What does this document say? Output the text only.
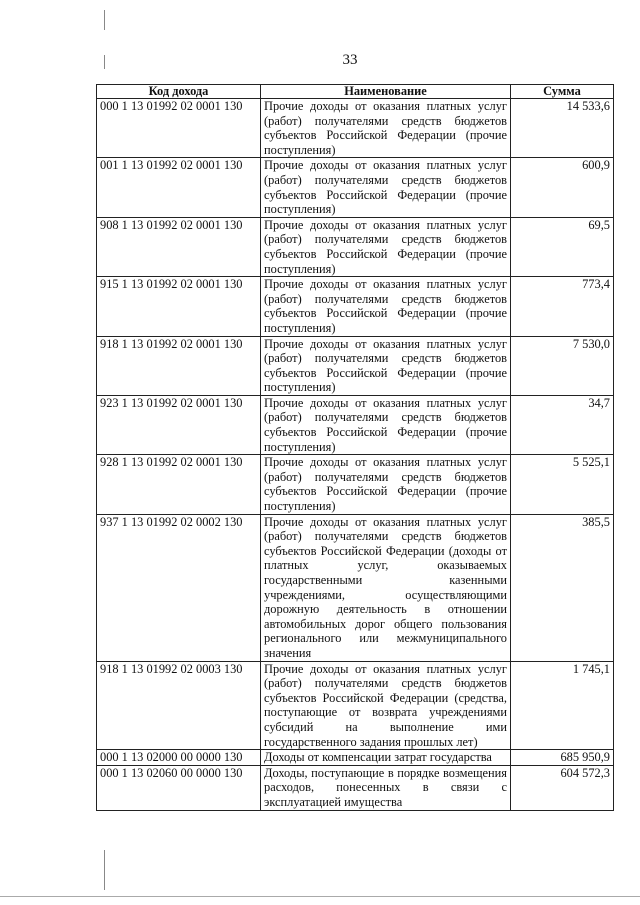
33
Код дохода	Наименование	Сумма
000 1 13 01992 02 0001 130	Прочие доходы от оказания платных услуг (работ) получателями средств бюджетов субъектов Российской Федерации (прочие поступления)	14 533,6
001 1 13 01992 02 0001 130	Прочие доходы от оказания платных услуг (работ) получателями средств бюджетов субъектов Российской Федерации (прочие поступления)	600,9
908 1 13 01992 02 0001 130	Прочие доходы от оказания платных услуг (работ) получателями средств бюджетов субъектов Российской Федерации (прочие поступления)	69,5
915 1 13 01992 02 0001 130	Прочие доходы от оказания платных услуг (работ) получателями средств бюджетов субъектов Российской Федерации (прочие поступления)	773,4
918 1 13 01992 02 0001 130	Прочие доходы от оказания платных услуг (работ) получателями средств бюджетов субъектов Российской Федерации (прочие поступления)	7 530,0
923 1 13 01992 02 0001 130	Прочие доходы от оказания платных услуг (работ) получателями средств бюджетов субъектов Российской Федерации (прочие поступления)	34,7
928 1 13 01992 02 0001 130	Прочие доходы от оказания платных услуг (работ) получателями средств бюджетов субъектов Российской Федерации (прочие поступления)	5 525,1
937 1 13 01992 02 0002 130	Прочие доходы от оказания платных услуг (работ) получателями средств бюджетов субъектов Российской Федерации (доходы от платных услуг, оказываемых государственными казенными учреждениями, осуществляющими дорожную деятельность в отношении автомобильных дорог общего пользования регионального или межмуниципального значения	385,5
918 1 13 01992 02 0003 130	Прочие доходы от оказания платных услуг (работ) получателями средств бюджетов субъектов Российской Федерации (средства, поступающие от возврата учреждениями субсидий на выполнение ими государственного задания прошлых лет)	1 745,1
000 1 13 02000 00 0000 130	Доходы от компенсации затрат государства	685 950,9
000 1 13 02060 00 0000 130	Доходы, поступающие в порядке возмещения расходов, понесенных в связи с эксплуатацией имущества	604 572,3
